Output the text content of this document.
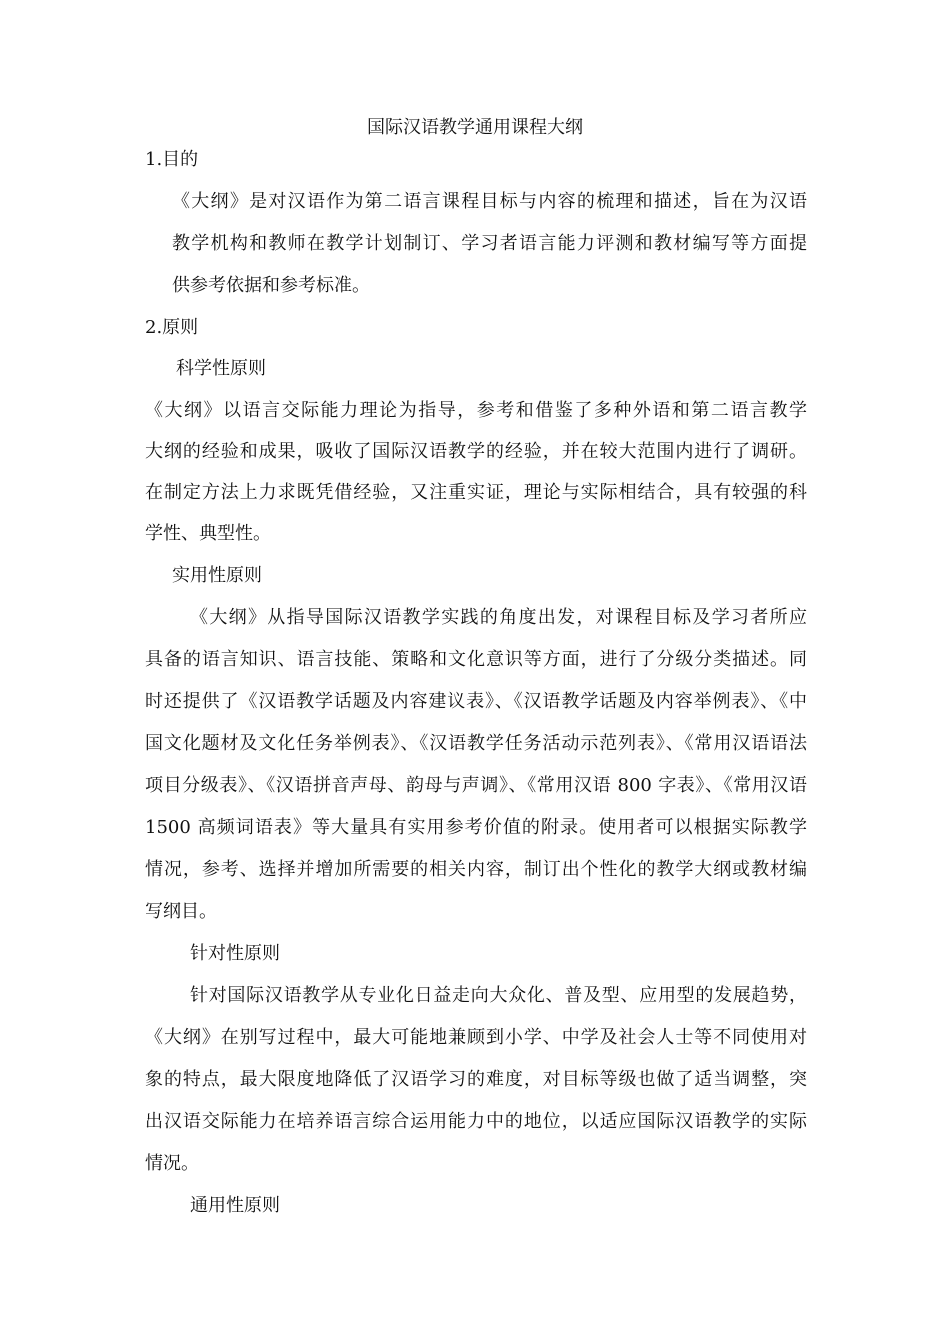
国际汉语教学通用课程大纲
1.目的
《大纲》是对汉语作为第二语言课程目标与内容的梳理和描述，旨在为汉语
教学机构和教师在教学计划制订、学习者语言能力评测和教材编写等方面提
供参考依据和参考标准。
2.原则
科学性原则
《大纲》以语言交际能力理论为指导，参考和借鉴了多种外语和第二语言教学
大纲的经验和成果，吸收了国际汉语教学的经验，并在较大范围内进行了调研。
在制定方法上力求既凭借经验，又注重实证，理论与实际相结合，具有较强的科
学性、典型性。
实用性原则
《大纲》从指导国际汉语教学实践的角度出发，对课程目标及学习者所应
具备的语言知识、语言技能、策略和文化意识等方面，进行了分级分类描述。同
时还提供了《汉语教学话题及内容建议表》、《汉语教学话题及内容举例表》、《中
国文化题材及文化任务举例表》、《汉语教学任务活动示范列表》、《常用汉语语法
项目分级表》、《汉语拼音声母、韵母与声调》、《常用汉语 800 字表》、《常用汉语
1500 高频词语表》等大量具有实用参考价值的附录。使用者可以根据实际教学
情况，参考、选择并增加所需要的相关内容，制订出个性化的教学大纲或教材编
写纲目。
针对性原则
针对国际汉语教学从专业化日益走向大众化、普及型、应用型的发展趋势，
《大纲》在别写过程中，最大可能地兼顾到小学、中学及社会人士等不同使用对
象的特点，最大限度地降低了汉语学习的难度，对目标等级也做了适当调整，突
出汉语交际能力在培养语言综合运用能力中的地位，以适应国际汉语教学的实际
情况。
通用性原则
